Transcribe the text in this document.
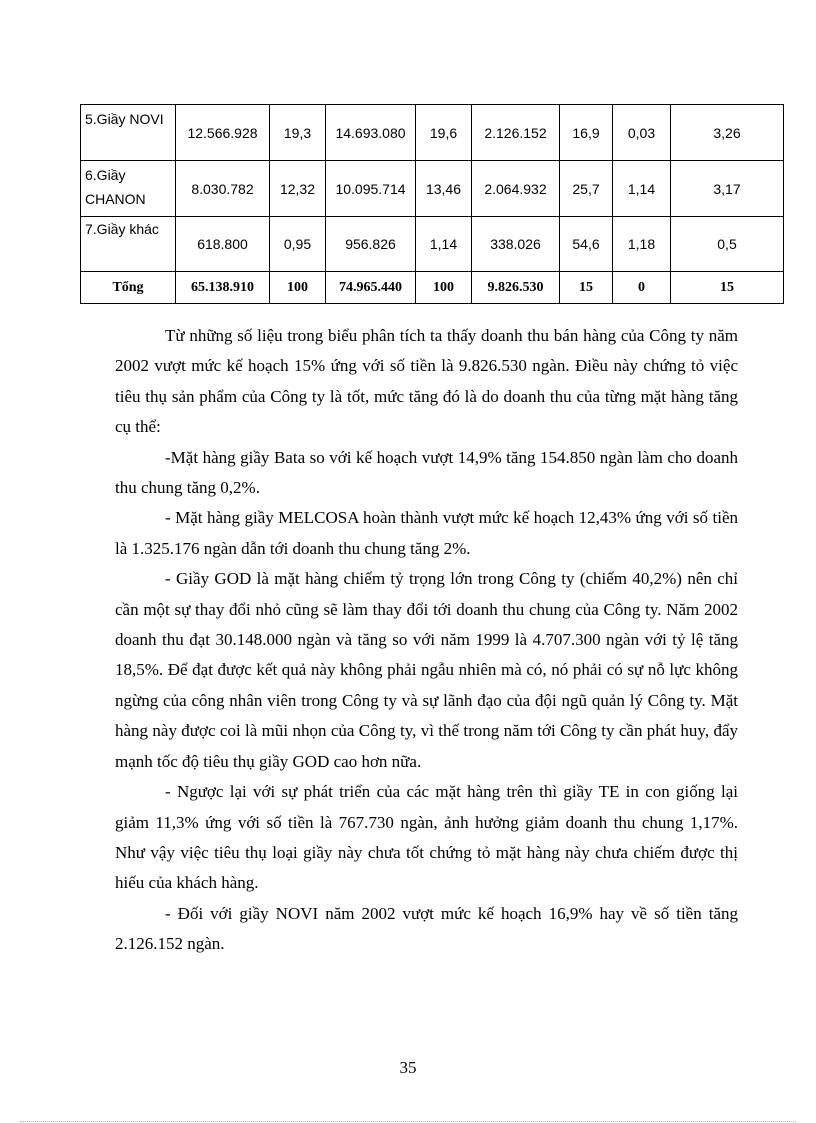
5.Giầy NOVI	12.566.928	19,3	14.693.080	19,6	2.126.152	16,9	0,03	3,26
6.Giầy CHANON	8.030.782	12,32	10.095.714	13,46	2.064.932	25,7	1,14	3,17
7.Giầy khác	618.800	0,95	956.826	1,14	338.026	54,6	1,18	0,5
Tổng	65.138.910	100	74.965.440	100	9.826.530	15	0	15

Từ những số liệu trong biểu phân tích ta thấy doanh thu bán hàng của Công ty năm 2002 vượt mức kế hoạch 15% ứng với số tiền là 9.826.530 ngàn. Điều này chứng tỏ việc tiêu thụ sản phẩm của Công ty là tốt, mức tăng đó là do doanh thu của từng mặt hàng tăng cụ thể:

-Mặt hàng giầy Bata so với kế hoạch vượt 14,9% tăng 154.850 ngàn làm cho doanh thu chung tăng 0,2%.

- Mặt hàng giầy MELCOSA hoàn thành vượt mức kế hoạch 12,43% ứng với số tiền là 1.325.176 ngàn dẫn tới doanh thu chung tăng 2%.

- Giầy GOD là mặt hàng chiếm tỷ trọng lớn trong Công ty (chiếm 40,2%) nên chỉ cần một sự thay đổi nhỏ cũng sẽ làm thay đổi tới doanh thu chung của Công ty. Năm 2002 doanh thu đạt 30.148.000 ngàn và tăng so với năm 1999 là 4.707.300 ngàn với tỷ lệ tăng 18,5%. Để đạt được kết quả này không phải ngẫu nhiên mà có, nó phải có sự nỗ lực không ngừng của công nhân viên trong Công ty và sự lãnh đạo của đội ngũ quản lý Công ty. Mặt hàng này được coi là mũi nhọn của Công ty, vì thế trong năm tới Công ty cần phát huy, đẩy mạnh tốc độ tiêu thụ giầy GOD cao hơn nữa.

- Ngược lại với sự phát triển của các mặt hàng trên thì giầy TE in con giống lại giảm 11,3% ứng với số tiền là 767.730 ngàn, ảnh hưởng giảm doanh thu chung 1,17%. Như vậy việc tiêu thụ loại giầy này chưa tốt chứng tỏ mặt hàng này chưa chiếm được thị hiếu của khách hàng.

- Đối với giầy NOVI năm 2002 vượt mức kế hoạch 16,9% hay về số tiền tăng 2.126.152 ngàn.

35
